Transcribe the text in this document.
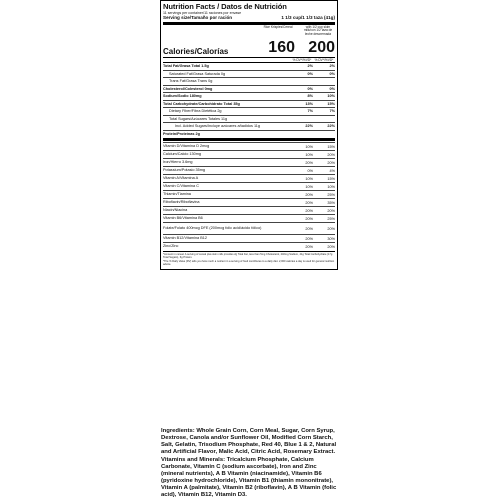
Nutrition Facts / Datos de Nutrición
11 servings per container/11 raciones por envase
Serving size/Tamaño por ración	1 1/3 cup/1 1/3 taza (41g)
Rice Krispies/Cereal	with 1/2 cup skim milk/con 1/2 taza de leche descremada
Calories/Calorías 160 200
% DV*/%VD*	% DV*/%VD*
Total Fat/Grasa Total 1.5g	2%	2%
Saturated Fat/Grasa Saturada 0g	0%	0%
Trans Fat/Grasa Trans 0g
Cholesterol/Colesterol 0mg	0%	0%
Sodium/Sodio 180mg	8%	10%
Total Carbohydrate/Carbohidrato Total 35g	13%	15%
Dietary Fiber/Fibra Dietética 2g	7%	7%
Total Sugars/Azúcares Totales 11g
Incl. Added Sugars/Incluye azúcares añadidos 11g	22%	22%
Protein/Proteínas 2g
Vitamin D/Vitamina D 2mcg	10%	15%
Calcium/Calcio 130mg	10%	20%
Iron/Hierro 3.6mg	20%	20%
Potassium/Potasio 35mg	0%	4%
Vitamin A/Vitamina A	10%	15%
Vitamin C/Vitamina C	10%	10%
Thiamin/Tiamina	20%	25%
Riboflavin/Riboflavina	20%	35%
Niacin/Niacina	20%	20%
Vitamin B6/Vitamina B6	20%	25%
Folate/Folato 400mcg DFE (200mcg folic acid/ácido fólico)	20%	20%
Vitamin B12/Vitamina B12	20%	30%
Zinc/Zinc	20%	20%
*Amount in cereal. A serving of cereal plus skim milk provides 2g Total Fat, less than 5mg Cholesterol, 240mg Sodium, 41g Total Carbohydrate (17g Total Sugars), 6g Protein.
*The % Daily Value (DV) tells you how much a nutrient in a serving of food contributes to a daily diet. 2,000 calories a day is used for general nutrition advice.
Ingredients: Whole Grain Corn, Corn Meal, Sugar, Corn Syrup, Dextrose, Canola and/or Sunflower Oil, Modified Corn Starch, Salt, Gelatin, Trisodium Phosphate, Red 40, Blue 1 & 2, Natural and Artificial Flavor, Malic Acid, Citric Acid, Rosemary Extract.
Vitamins and Minerals: Tricalcium Phosphate, Calcium Carbonate, Vitamin C (sodium ascorbate), Iron and Zinc (mineral nutrients), A B Vitamin (niacinamide), Vitamin B6 (pyridoxine hydrochloride), Vitamin B1 (thiamin mononitrate), Vitamin A (palmitate), Vitamin B2 (riboflavin), A B Vitamin (folic acid), Vitamin B12, Vitamin D3.
